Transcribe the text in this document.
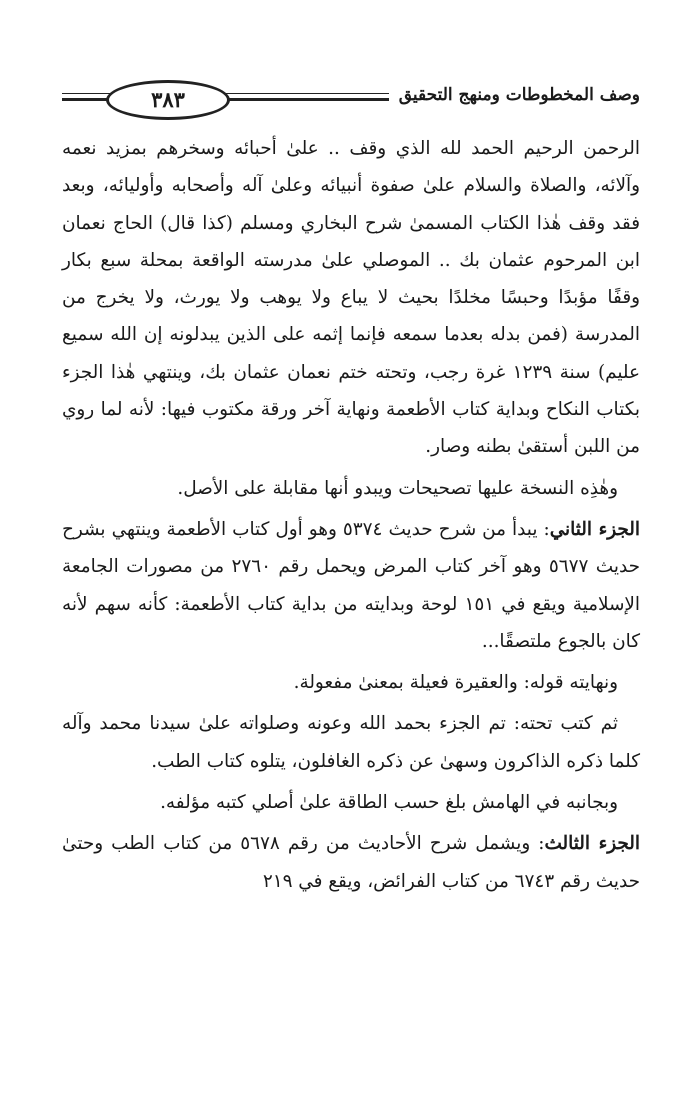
وصف المخطوطات ومنهج التحقيق
٣٨٣

الرحمن الرحيم الحمد لله الذي وقف .. علىٰ أحبائه وسخرهم بمزيد نعمه وآلائه، والصلاة والسلام علىٰ صفوة أنبيائه وعلىٰ آله وأصحابه وأوليائه، وبعد فقد وقف هٰذا الكتاب المسمىٰ شرح البخاري ومسلم (كذا قال) الحاج نعمان ابن المرحوم عثمان بك .. الموصلي علىٰ مدرسته الواقعة بمحلة سبع بكار وقفًا مؤبدًا وحبسًا مخلدًا بحيث لا يباع ولا يوهب ولا يورث، ولا يخرج من المدرسة (فمن بدله بعدما سمعه فإنما إثمه على الذين يبدلونه إن الله سميع عليم) سنة ١٢٣٩ غرة رجب، وتحته ختم نعمان عثمان بك، وينتهي هٰذا الجزء بكتاب النكاح وبداية كتاب الأطعمة ونهاية آخر ورقة مكتوب فيها: لأنه لما روي من اللبن أستقىٰ بطنه وصار.

وهٰذِه النسخة عليها تصحيحات ويبدو أنها مقابلة على الأصل.

الجزء الثاني: يبدأ من شرح حديث ٥٣٧٤ وهو أول كتاب الأطعمة وينتهي بشرح حديث ٥٦٧٧ وهو آخر كتاب المرض ويحمل رقم ٢٧٦٠ من مصورات الجامعة الإسلامية ويقع في ١٥١ لوحة وبدايته من بداية كتاب الأطعمة: كأنه سهم لأنه كان بالجوع ملتصقًا...

ونهايته قوله: والعقيرة فعيلة بمعنىٰ مفعولة.

ثم كتب تحته: تم الجزء بحمد الله وعونه وصلواته علىٰ سيدنا محمد وآله كلما ذكره الذاكرون وسهىٰ عن ذكره الغافلون، يتلوه كتاب الطب.

وبجانبه في الهامش بلغ حسب الطاقة علىٰ أصلي كتبه مؤلفه.

الجزء الثالث: ويشمل شرح الأحاديث من رقم ٥٦٧٨ من كتاب الطب وحتىٰ حديث رقم ٦٧٤٣ من كتاب الفرائض، ويقع في ٢١٩
